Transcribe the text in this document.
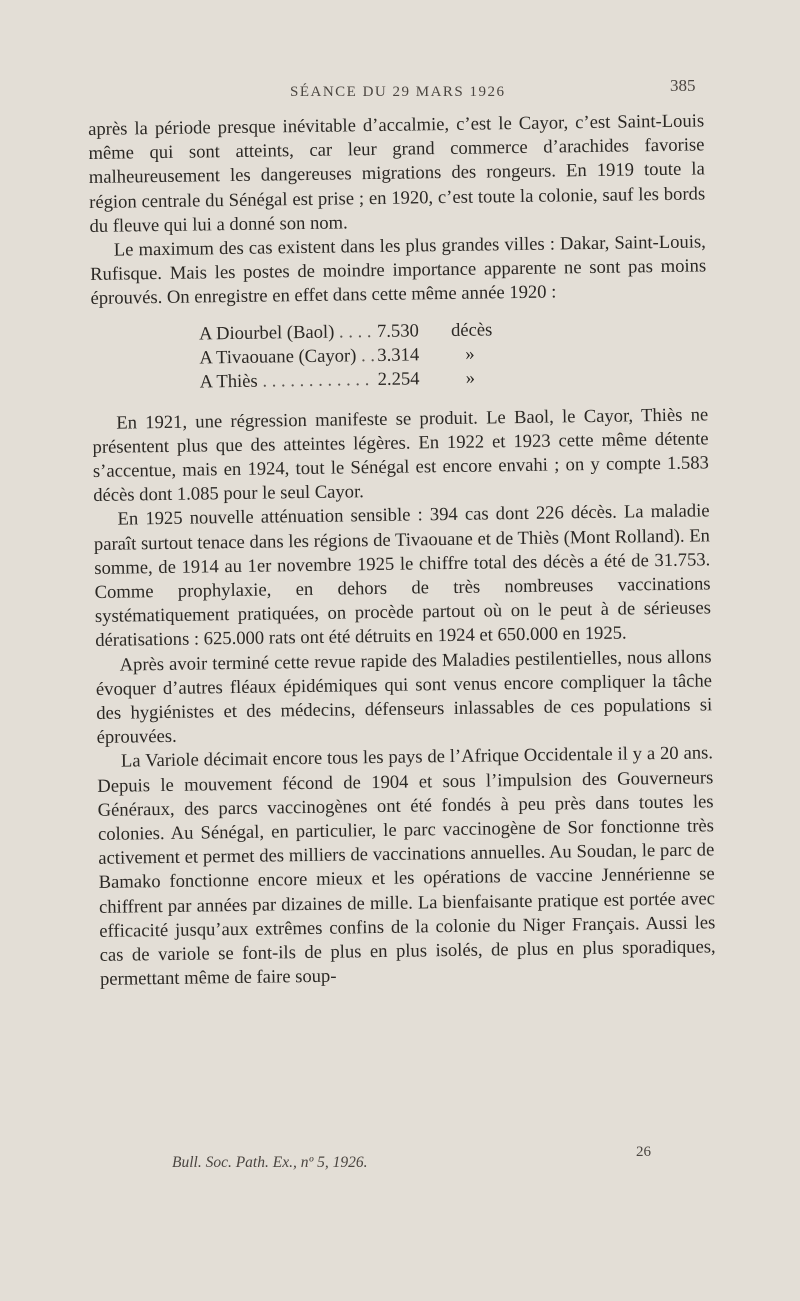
SÉANCE DU 29 MARS 1926	385

après la période presque inévitable d’accalmie, c’est le Cayor, c’est Saint-Louis même qui sont atteints, car leur grand commerce d’arachides favorise malheureusement les dangereuses migrations des rongeurs. En 1919 toute la région centrale du Sénégal est prise ; en 1920, c’est toute la colonie, sauf les bords du fleuve qui lui a donné son nom.

Le maximum des cas existent dans les plus grandes villes : Dakar, Saint-Louis, Rufisque. Mais les postes de moindre importance apparente ne sont pas moins éprouvés. On enregistre en effet dans cette même année 1920 :

A Diourbel (Baol) . . .	7.530	décès
A Tivaouane (Cayor) . . .	3.314	»
A Thiès . . .	2.254	»

En 1921, une régression manifeste se produit. Le Baol, le Cayor, Thiès ne présentent plus que des atteintes légères. En 1922 et 1923 cette même détente s’accentue, mais en 1924, tout le Sénégal est encore envahi ; on y compte 1.583 décès dont 1.085 pour le seul Cayor.

En 1925 nouvelle atténuation sensible : 394 cas dont 226 décès. La maladie paraît surtout tenace dans les régions de Tivaouane et de Thiès (Mont Rolland). En somme, de 1914 au 1er novembre 1925 le chiffre total des décès a été de 31.753. Comme prophylaxie, en dehors de très nombreuses vaccinations systématiquement pratiquées, on procède partout où on le peut à de sérieuses dératisations : 625.000 rats ont été détruits en 1924 et 650.000 en 1925.

Après avoir terminé cette revue rapide des Maladies pestilentielles, nous allons évoquer d’autres fléaux épidémiques qui sont venus encore compliquer la tâche des hygiénistes et des médecins, défenseurs inlassables de ces populations si éprouvées.

La Variole décimait encore tous les pays de l’Afrique Occidentale il y a 20 ans. Depuis le mouvement fécond de 1904 et sous l’impulsion des Gouverneurs Généraux, des parcs vaccinogènes ont été fondés à peu près dans toutes les colonies. Au Sénégal, en particulier, le parc vaccinogène de Sor fonctionne très activement et permet des milliers de vaccinations annuelles. Au Soudan, le parc de Bamako fonctionne encore mieux et les opérations de vaccine Jennérienne se chiffrent par années par dizaines de mille. La bienfaisante pratique est portée avec efficacité jusqu’aux extrêmes confins de la colonie du Niger Français. Aussi les cas de variole se font-ils de plus en plus isolés, de plus en plus sporadiques, permettant même de faire soup-

Bull. Soc. Path. Ex., nº 5, 1926.
26
